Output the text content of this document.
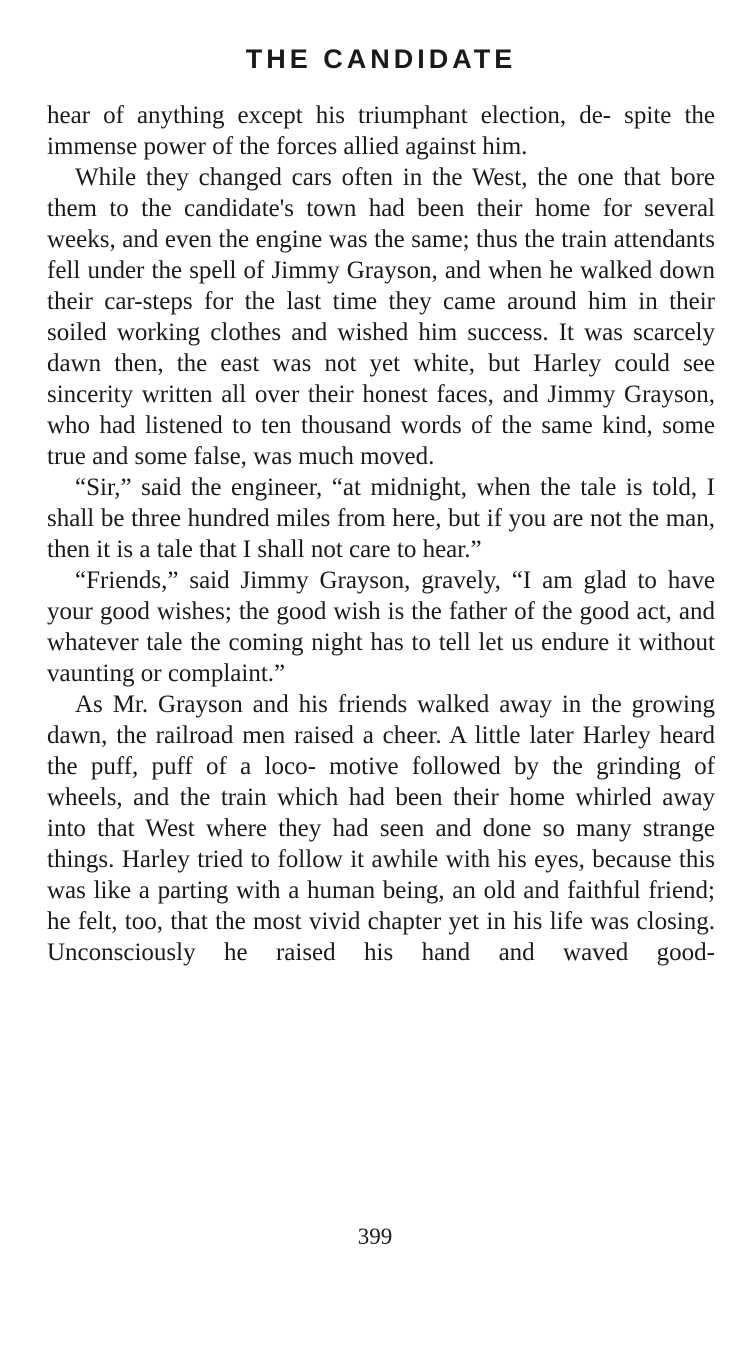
THE CANDIDATE

hear of anything except his triumphant election, de- spite the immense power of the forces allied against him.

While they changed cars often in the West, the one that bore them to the candidate's town had been their home for several weeks, and even the engine was the same; thus the train attendants fell under the spell of Jimmy Grayson, and when he walked down their car-steps for the last time they came around him in their soiled working clothes and wished him success. It was scarcely dawn then, the east was not yet white, but Harley could see sincerity written all over their honest faces, and Jimmy Grayson, who had listened to ten thousand words of the same kind, some true and some false, was much moved.

“Sir,” said the engineer, “at midnight, when the tale is told, I shall be three hundred miles from here, but if you are not the man, then it is a tale that I shall not care to hear.”

“Friends,” said Jimmy Grayson, gravely, “I am glad to have your good wishes; the good wish is the father of the good act, and whatever tale the coming night has to tell let us endure it without vaunting or complaint.”

As Mr. Grayson and his friends walked away in the growing dawn, the railroad men raised a cheer. A little later Harley heard the puff, puff of a loco- motive followed by the grinding of wheels, and the train which had been their home whirled away into that West where they had seen and done so many strange things. Harley tried to follow it awhile with his eyes, because this was like a parting with a human being, an old and faithful friend; he felt, too, that the most vivid chapter yet in his life was closing. Unconsciously he raised his hand and waved good-

399
